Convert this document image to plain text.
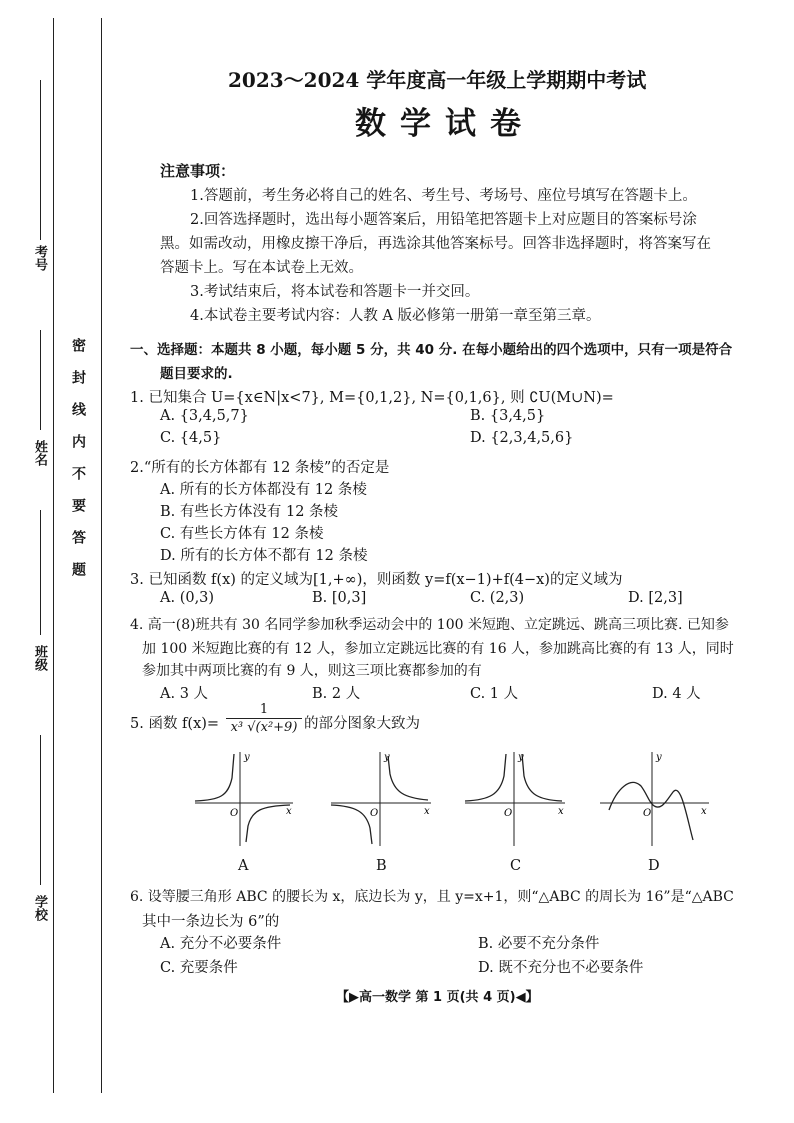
考号
姓名
班级
学校
密封线内不要答题
2023～2024 学年度高一年级上学期期中考试
数学试卷
注意事项：
1.答题前，考生务必将自己的姓名、考生号、考场号、座位号填写在答题卡上。
2.回答选择题时，选出每小题答案后，用铅笔把答题卡上对应题目的答案标号涂
黑。如需改动，用橡皮擦干净后，再选涂其他答案标号。回答非选择题时，将答案写在
答题卡上。写在本试卷上无效。
3.考试结束后，将本试卷和答题卡一并交回。
4.本试卷主要考试内容：人教 A 版必修第一册第一章至第三章。
一、选择题：本题共 8 小题，每小题 5 分，共 40 分. 在每小题给出的四个选项中，只有一项是符合
题目要求的.
1. 已知集合 U={x∈N|x<7}, M={0,1,2}, N={0,1,6}, 则 ∁U(M∪N)=
A. {3,4,5,7}	B. {3,4,5}
C. {4,5}	D. {2,3,4,5,6}
2.“所有的长方体都有 12 条棱”的否定是
A. 所有的长方体都没有 12 条棱
B. 有些长方体没有 12 条棱
C. 有些长方体有 12 条棱
D. 所有的长方体不都有 12 条棱
3. 已知函数 f(x) 的定义域为[1,+∞)，则函数 y=f(x−1)+f(4−x)的定义域为
A. (0,3)	B. [0,3]	C. (2,3)	D. [2,3]
4. 高一(8)班共有 30 名同学参加秋季运动会中的 100 米短跑、立定跳远、跳高三项比赛. 已知参
加 100 米短跑比赛的有 12 人，参加立定跳远比赛的有 16 人，参加跳高比赛的有 13 人，同时
参加其中两项比赛的有 9 人，则这三项比赛都参加的有
A. 3 人	B. 2 人	C. 1 人	D. 4 人
5. 函数 $f(x)= \frac{1}{\text{x³ √(x²+9)}}$ 的部分图象大致为
y
x
O
A
y
x
O
B
y
x
O
C
y
x
O
D
6. 设等腰三角形 ABC 的腰长为 x，底边长为 y，且 y=x+1，则“△ABC 的周长为 16”是“△ABC
其中一条边长为 6”的
A. 充分不必要条件	B. 必要不充分条件
C. 充要条件	D. 既不充分也不必要条件
【▶高一数学 第 1 页(共 4 页)◀】
